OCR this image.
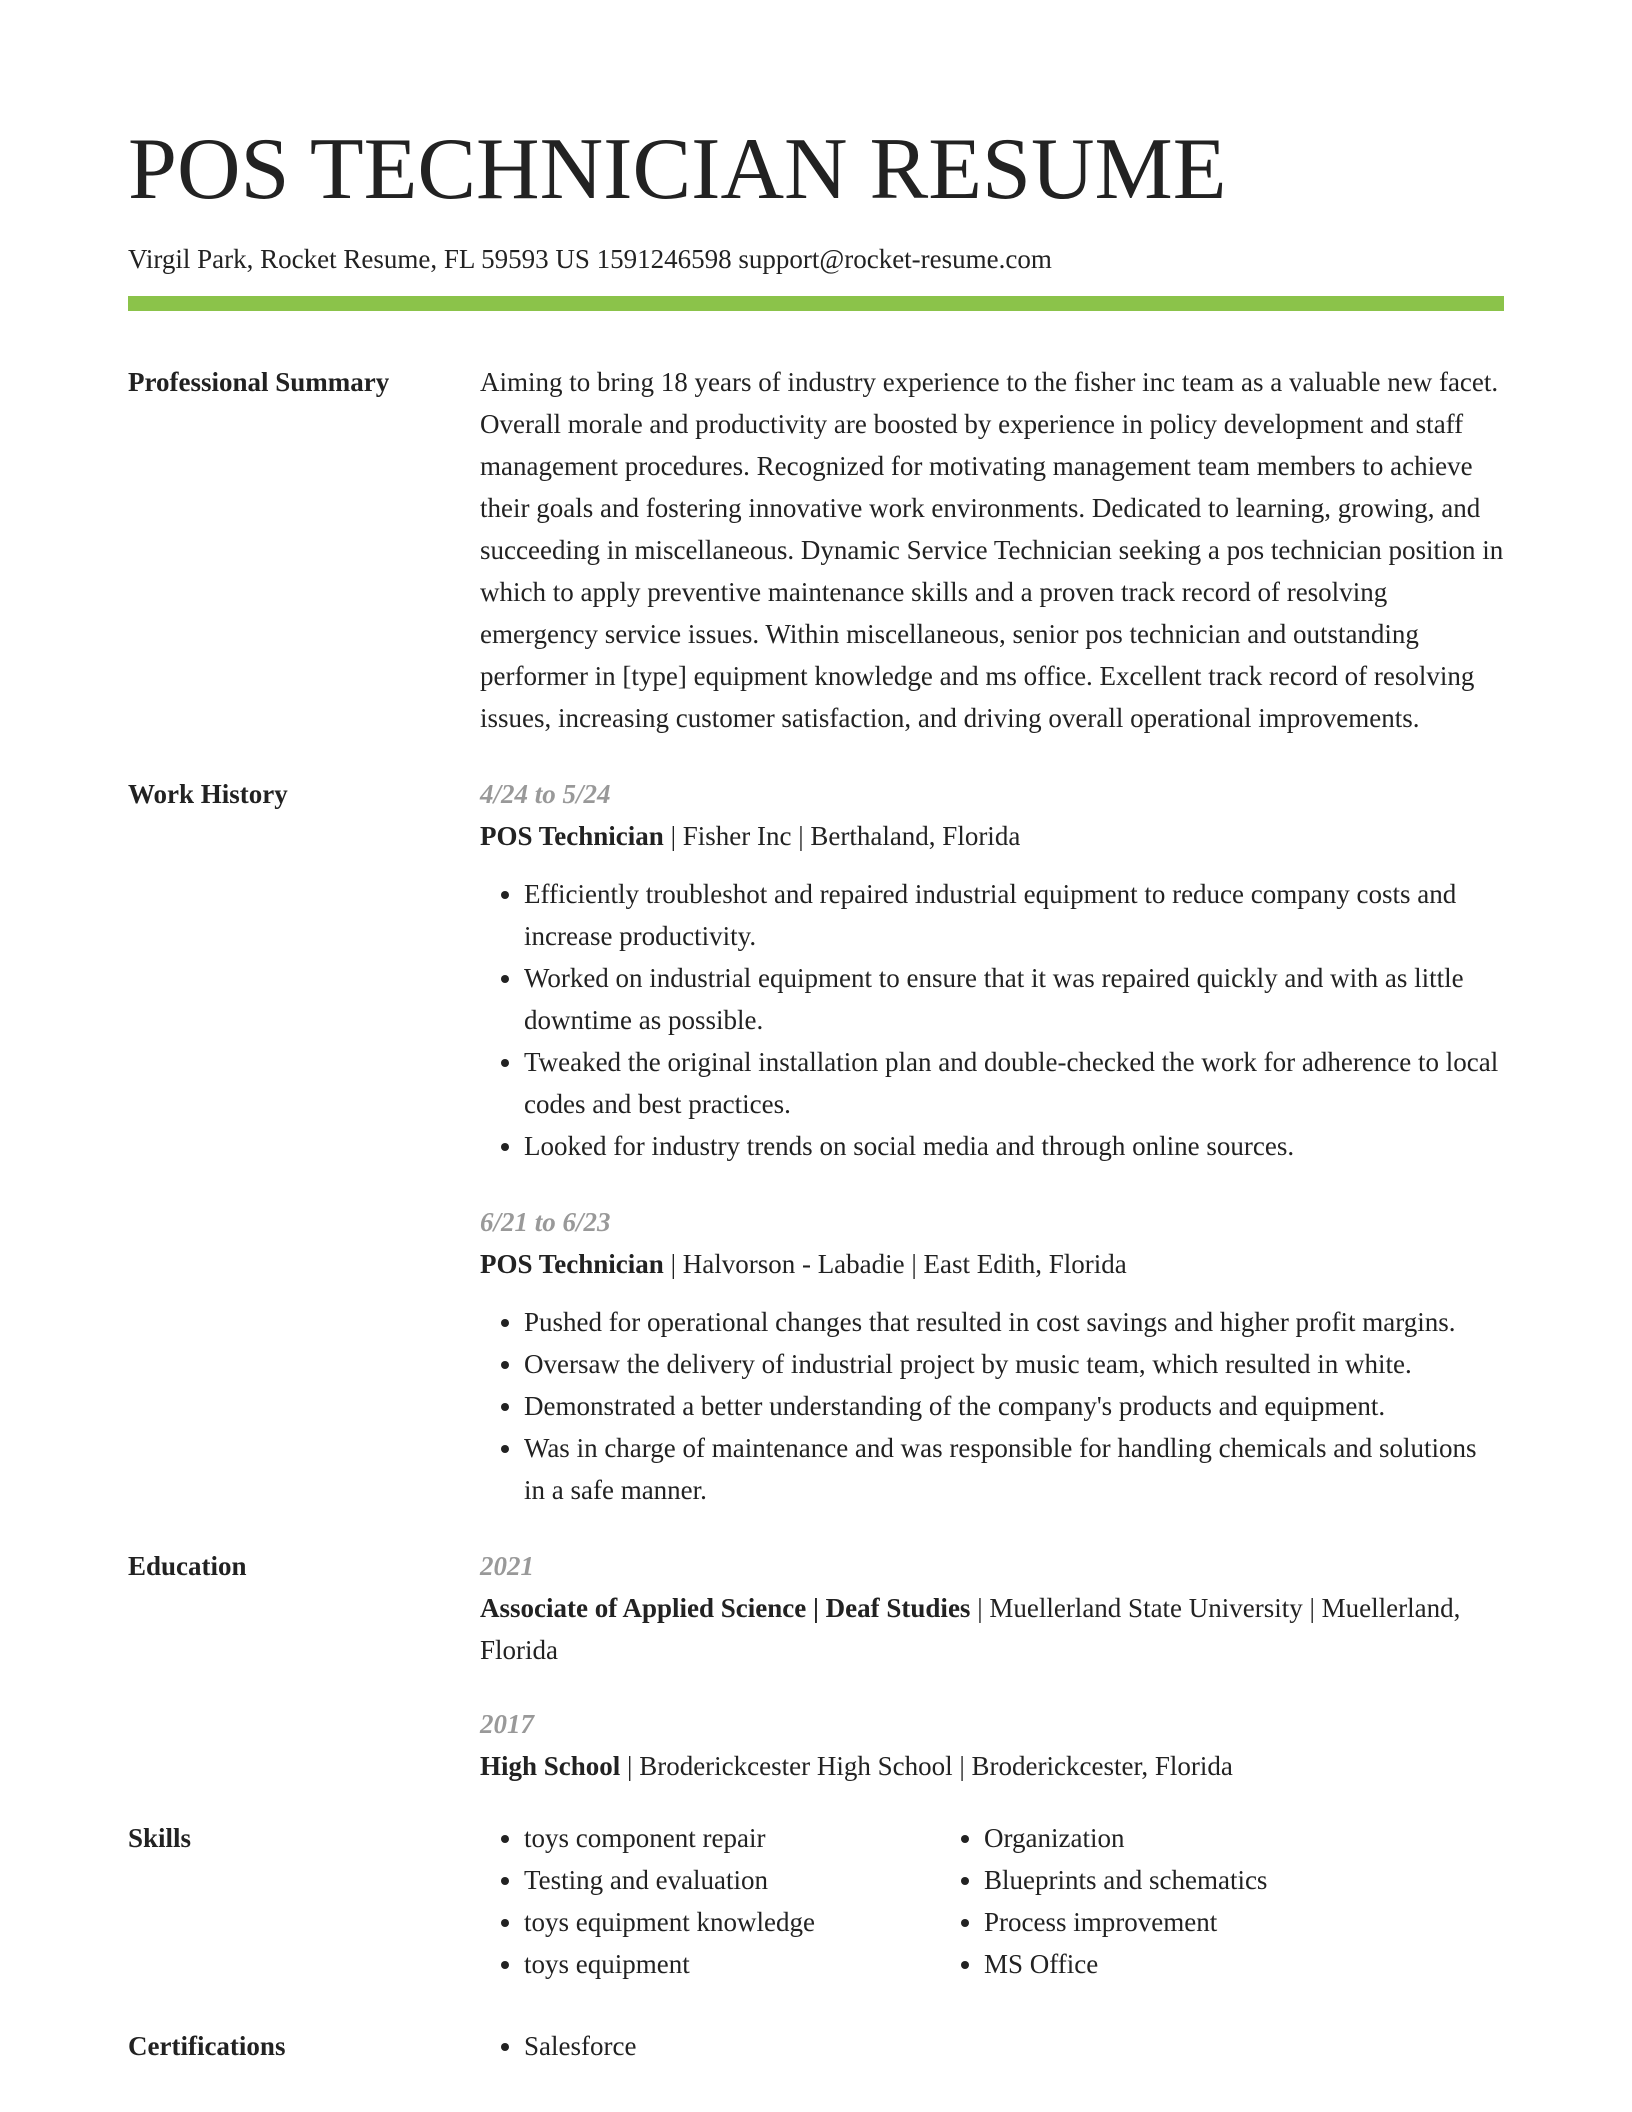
POS TECHNICIAN RESUME
Virgil Park, Rocket Resume, FL 59593 US 1591246598 support@rocket-resume.com
Professional Summary	Aiming to bring 18 years of industry experience to the fisher inc team as a valuable new facet. Overall morale and productivity are boosted by experience in policy development and staff management procedures. Recognized for motivating management team members to achieve their goals and fostering innovative work environments. Dedicated to learning, growing, and succeeding in miscellaneous. Dynamic Service Technician seeking a pos technician position in which to apply preventive maintenance skills and a proven track record of resolving emergency service issues. Within miscellaneous, senior pos technician and outstanding performer in [type] equipment knowledge and ms office. Excellent track record of resolving issues, increasing customer satisfaction, and driving overall operational improvements.

Work History	4/24 to 5/24
POS Technician | Fisher Inc | Berthaland, Florida
• Efficiently troubleshot and repaired industrial equipment to reduce company costs and increase productivity.
• Worked on industrial equipment to ensure that it was repaired quickly and with as little downtime as possible.
• Tweaked the original installation plan and double-checked the work for adherence to local codes and best practices.
• Looked for industry trends on social media and through online sources.
6/21 to 6/23
POS Technician | Halvorson - Labadie | East Edith, Florida
• Pushed for operational changes that resulted in cost savings and higher profit margins.
• Oversaw the delivery of industrial project by music team, which resulted in white.
• Demonstrated a better understanding of the company's products and equipment.
• Was in charge of maintenance and was responsible for handling chemicals and solutions in a safe manner.
Education	2021
Associate of Applied Science | Deaf Studies | Muellerland State University | Muellerland, Florida
2017
High School | Broderickcester High School | Broderickcester, Florida
Skills	• toys component repair
• Testing and evaluation
• toys equipment knowledge
• toys equipment
• Organization
• Blueprints and schematics
• Process improvement
• MS Office
Certifications	• Salesforce
